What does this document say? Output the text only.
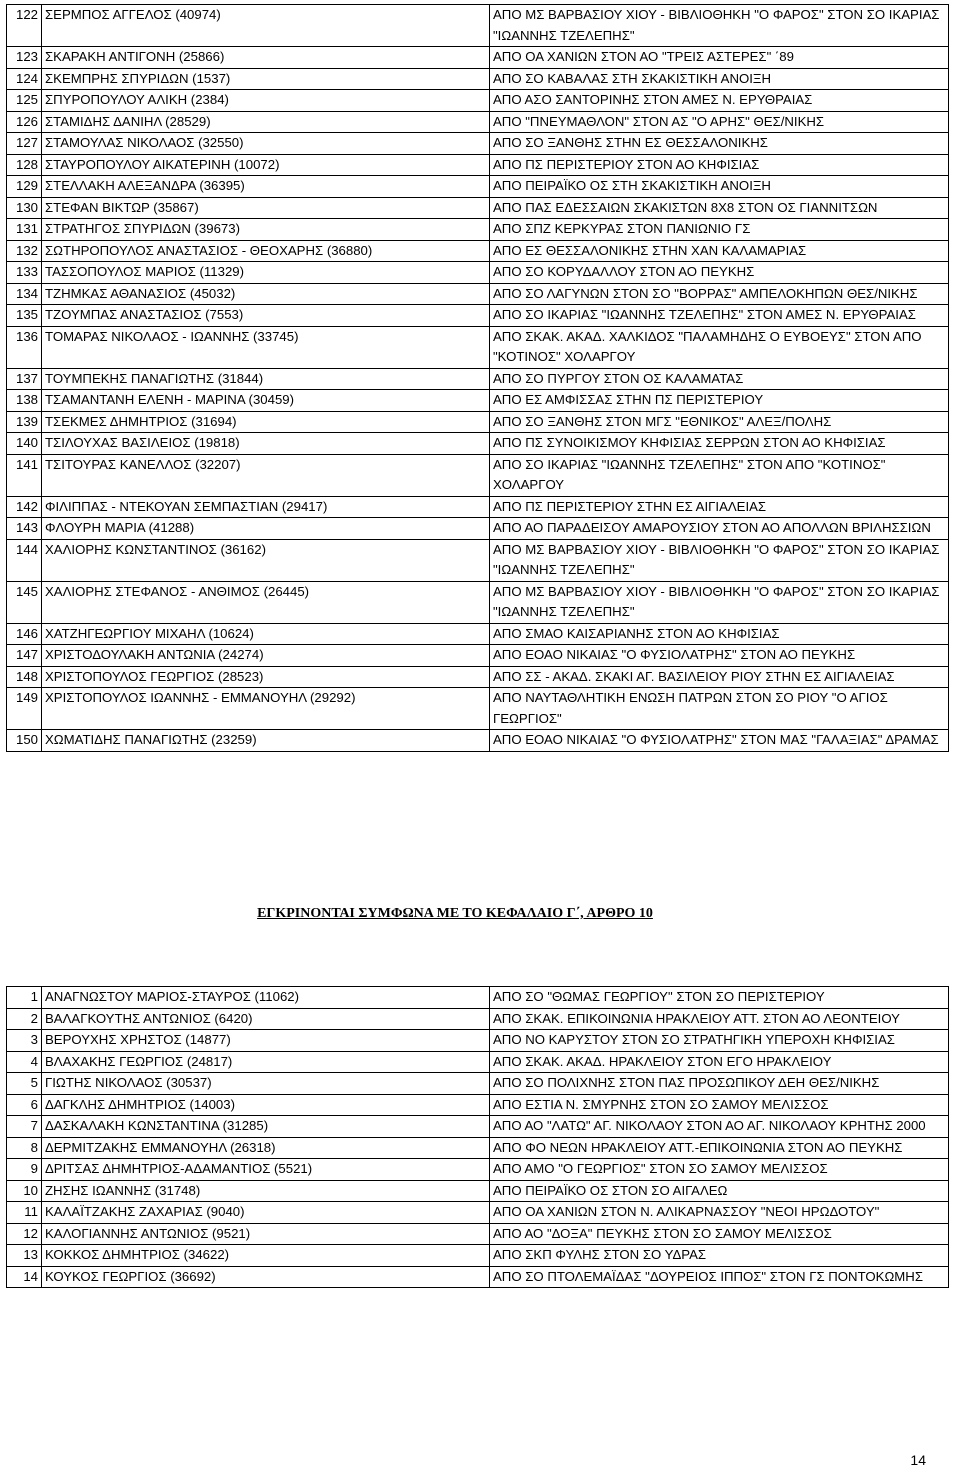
122	ΣΕΡΜΠΟΣ ΑΓΓΕΛΟΣ (40974)	ΑΠΟ ΜΣ ΒΑΡΒΑΣΙΟΥ ΧΙΟΥ - ΒΙΒΛΙΟΘΗΚΗ "Ο ΦΑΡΟΣ" ΣΤΟΝ ΣΟ ΙΚΑΡΙΑΣ "ΙΩΑΝΝΗΣ ΤΖΕΛΕΠΗΣ"
123	ΣΚΑΡΑΚΗ ΑΝΤΙΓΟΝΗ (25866)	ΑΠΟ ΟΑ ΧΑΝΙΩΝ ΣΤΟΝ ΑΟ "ΤΡΕΙΣ ΑΣΤΕΡΕΣ" ΄89
124	ΣΚΕΜΠΡΗΣ ΣΠΥΡΙΔΩΝ (1537)	ΑΠΟ ΣΟ ΚΑΒΑΛΑΣ ΣΤΗ ΣΚΑΚΙΣΤΙΚΗ ΑΝΟΙΞΗ
125	ΣΠΥΡΟΠΟΥΛΟΥ ΑΛΙΚΗ (2384)	ΑΠΟ ΑΣΟ ΣΑΝΤΟΡΙΝΗΣ ΣΤΟΝ ΑΜΕΣ Ν. ΕΡΥΘΡΑΙΑΣ
126	ΣΤΑΜΙΔΗΣ ΔΑΝΙΗΛ (28529)	ΑΠΟ "ΠΝΕΥΜΑΘΛΟΝ" ΣΤΟΝ ΑΣ "Ο ΑΡΗΣ" ΘΕΣ/ΝΙΚΗΣ
127	ΣΤΑΜΟΥΛΑΣ ΝΙΚΟΛΑΟΣ (32550)	ΑΠΟ ΣΟ ΞΑΝΘΗΣ ΣΤΗΝ ΕΣ ΘΕΣΣΑΛΟΝΙΚΗΣ
128	ΣΤΑΥΡΟΠΟΥΛΟΥ ΑΙΚΑΤΕΡΙΝΗ (10072)	ΑΠΟ ΠΣ ΠΕΡΙΣΤΕΡΙΟΥ ΣΤΟΝ ΑΟ ΚΗΦΙΣΙΑΣ
129	ΣΤΕΛΛΑΚΗ ΑΛΕΞΑΝΔΡΑ (36395)	ΑΠΟ ΠΕΙΡΑΪΚΟ ΟΣ ΣΤΗ ΣΚΑΚΙΣΤΙΚΗ ΑΝΟΙΞΗ
130	ΣΤΕΦΑΝ ΒΙΚΤΩΡ (35867)	ΑΠΟ ΠΑΣ ΕΔΕΣΣΑΙΩΝ ΣΚΑΚΙΣΤΩΝ 8Χ8 ΣΤΟΝ ΟΣ ΓΙΑΝΝΙΤΣΩΝ
131	ΣΤΡΑΤΗΓΟΣ ΣΠΥΡΙΔΩΝ (39673)	ΑΠΟ ΣΠΖ ΚΕΡΚΥΡΑΣ ΣΤΟΝ ΠΑΝΙΩΝΙΟ ΓΣ
132	ΣΩΤΗΡΟΠΟΥΛΟΣ ΑΝΑΣΤΑΣΙΟΣ - ΘΕΟΧΑΡΗΣ (36880)	ΑΠΟ ΕΣ ΘΕΣΣΑΛΟΝΙΚΗΣ ΣΤΗΝ ΧΑΝ ΚΑΛΑΜΑΡΙΑΣ
133	ΤΑΣΣΟΠΟΥΛΟΣ ΜΑΡΙΟΣ (11329)	ΑΠΟ ΣΟ ΚΟΡΥΔΑΛΛΟΥ ΣΤΟΝ ΑΟ ΠΕΥΚΗΣ
134	ΤΖΗΜΚΑΣ ΑΘΑΝΑΣΙΟΣ (45032)	ΑΠΟ ΣΟ ΛΑΓΥΝΩΝ ΣΤΟΝ ΣΟ "ΒΟΡΡΑΣ" ΑΜΠΕΛΟΚΗΠΩΝ ΘΕΣ/ΝΙΚΗΣ
135	ΤΖΟΥΜΠΑΣ ΑΝΑΣΤΑΣΙΟΣ (7553)	ΑΠΟ ΣΟ ΙΚΑΡΙΑΣ "ΙΩΑΝΝΗΣ ΤΖΕΛΕΠΗΣ" ΣΤΟΝ ΑΜΕΣ Ν. ΕΡΥΘΡΑΙΑΣ
136	ΤΟΜΑΡΑΣ ΝΙΚΟΛΑΟΣ - ΙΩΑΝΝΗΣ (33745)	ΑΠΟ ΣΚΑΚ. ΑΚΑΔ. ΧΑΛΚΙΔΟΣ "ΠΑΛΑΜΗΔΗΣ Ο ΕΥΒΟΕΥΣ" ΣΤΟΝ ΑΠΟ "ΚΟΤΙΝΟΣ" ΧΟΛΑΡΓΟΥ
137	ΤΟΥΜΠΕΚΗΣ ΠΑΝΑΓΙΩΤΗΣ (31844)	ΑΠΟ ΣΟ ΠΥΡΓΟΥ ΣΤΟΝ ΟΣ ΚΑΛΑΜΑΤΑΣ
138	ΤΣΑΜΑΝΤΑΝΗ ΕΛΕΝΗ - ΜΑΡΙΝΑ (30459)	ΑΠΟ ΕΣ ΑΜΦΙΣΣΑΣ ΣΤΗΝ ΠΣ ΠΕΡΙΣΤΕΡΙΟΥ
139	ΤΣΕΚΜΕΣ ΔΗΜΗΤΡΙΟΣ (31694)	ΑΠΟ ΣΟ ΞΑΝΘΗΣ ΣΤΟΝ ΜΓΣ "ΕΘΝΙΚΟΣ" ΑΛΕΞ/ΠΟΛΗΣ
140	ΤΣΙΛΟΥΧΑΣ ΒΑΣΙΛΕΙΟΣ (19818)	ΑΠΟ ΠΣ ΣΥΝΟΙΚΙΣΜΟΥ ΚΗΦΙΣΙΑΣ ΣΕΡΡΩΝ ΣΤΟΝ ΑΟ ΚΗΦΙΣΙΑΣ
141	ΤΣΙΤΟΥΡΑΣ ΚΑΝΕΛΛΟΣ (32207)	ΑΠΟ ΣΟ ΙΚΑΡΙΑΣ "ΙΩΑΝΝΗΣ ΤΖΕΛΕΠΗΣ" ΣΤΟΝ ΑΠΟ "ΚΟΤΙΝΟΣ" ΧΟΛΑΡΓΟΥ
142	ΦΙΛΙΠΠΑΣ - ΝΤΕΚΟΥΑΝ ΣΕΜΠΑΣΤΙΑΝ (29417)	ΑΠΟ ΠΣ ΠΕΡΙΣΤΕΡΙΟΥ ΣΤΗΝ ΕΣ ΑΙΓΙΑΛΕΙΑΣ
143	ΦΛΟΥΡΗ ΜΑΡΙΑ (41288)	ΑΠΟ ΑΟ ΠΑΡΑΔΕΙΣΟΥ ΑΜΑΡΟΥΣΙΟΥ ΣΤΟΝ ΑΟ ΑΠΟΛΛΩΝ ΒΡΙΛΗΣΣΙΩΝ
144	ΧΑΛΙΟΡΗΣ ΚΩΝΣΤΑΝΤΙΝΟΣ (36162)	ΑΠΟ ΜΣ ΒΑΡΒΑΣΙΟΥ ΧΙΟΥ - ΒΙΒΛΙΟΘΗΚΗ "Ο ΦΑΡΟΣ" ΣΤΟΝ ΣΟ ΙΚΑΡΙΑΣ "ΙΩΑΝΝΗΣ ΤΖΕΛΕΠΗΣ"
145	ΧΑΛΙΟΡΗΣ ΣΤΕΦΑΝΟΣ - ΑΝΘΙΜΟΣ (26445)	ΑΠΟ ΜΣ ΒΑΡΒΑΣΙΟΥ ΧΙΟΥ - ΒΙΒΛΙΟΘΗΚΗ "Ο ΦΑΡΟΣ" ΣΤΟΝ ΣΟ ΙΚΑΡΙΑΣ "ΙΩΑΝΝΗΣ ΤΖΕΛΕΠΗΣ"
146	ΧΑΤΖΗΓΕΩΡΓΙΟΥ ΜΙΧΑΗΛ (10624)	ΑΠΟ ΣΜΑΟ ΚΑΙΣΑΡΙΑΝΗΣ ΣΤΟΝ ΑΟ ΚΗΦΙΣΙΑΣ
147	ΧΡΙΣΤΟΔΟΥΛΑΚΗ ΑΝΤΩΝΙΑ (24274)	ΑΠΟ ΕΟΑΟ ΝΙΚΑΙΑΣ "Ο ΦΥΣΙΟΛΑΤΡΗΣ" ΣΤΟΝ ΑΟ ΠΕΥΚΗΣ
148	ΧΡΙΣΤΟΠΟΥΛΟΣ ΓΕΩΡΓΙΟΣ (28523)	ΑΠΟ ΣΣ - ΑΚΑΔ. ΣΚΑΚΙ ΑΓ. ΒΑΣΙΛΕΙΟΥ ΡΙΟΥ ΣΤΗΝ ΕΣ ΑΙΓΙΑΛΕΙΑΣ
149	ΧΡΙΣΤΟΠΟΥΛΟΣ ΙΩΑΝΝΗΣ - ΕΜΜΑΝΟΥΗΛ (29292)	ΑΠΟ ΝΑΥΤΑΘΛΗΤΙΚΗ ΕΝΩΣΗ ΠΑΤΡΩΝ ΣΤΟΝ ΣΟ ΡΙΟΥ "Ο ΑΓΙΟΣ ΓΕΩΡΓΙΟΣ"
150	ΧΩΜΑΤΙΔΗΣ ΠΑΝΑΓΙΩΤΗΣ (23259)	ΑΠΟ ΕΟΑΟ ΝΙΚΑΙΑΣ "Ο ΦΥΣΙΟΛΑΤΡΗΣ" ΣΤΟΝ ΜΑΣ "ΓΑΛΑΞΙΑΣ" ΔΡΑΜΑΣ
ΕΓΚΡΙΝΟΝΤΑΙ ΣΥΜΦΩΝΑ ΜΕ ΤΟ ΚΕΦΑΛΑΙΟ Γ΄, ΑΡΘΡΟ 10
1	ΑΝΑΓΝΩΣΤΟΥ ΜΑΡΙΟΣ-ΣΤΑΥΡΟΣ (11062)	ΑΠΟ ΣΟ "ΘΩΜΑΣ ΓΕΩΡΓΙΟΥ" ΣΤΟΝ ΣΟ ΠΕΡΙΣΤΕΡΙΟΥ
2	ΒΑΛΑΓΚΟΥΤΗΣ ΑΝΤΩΝΙΟΣ (6420)	ΑΠΟ ΣΚΑΚ. ΕΠΙΚΟΙΝΩΝΙΑ ΗΡΑΚΛΕΙΟΥ ΑΤΤ. ΣΤΟΝ ΑΟ ΛΕΟΝΤΕΙΟΥ
3	ΒΕΡΟΥΧΗΣ ΧΡΗΣΤΟΣ (14877)	ΑΠΟ ΝΟ ΚΑΡΥΣΤΟΥ ΣΤΟΝ ΣΟ ΣΤΡΑΤΗΓΙΚΗ ΥΠΕΡΟΧΗ ΚΗΦΙΣΙΑΣ
4	ΒΛΑΧΑΚΗΣ ΓΕΩΡΓΙΟΣ (24817)	ΑΠΟ ΣΚΑΚ. ΑΚΑΔ. ΗΡΑΚΛΕΙΟΥ ΣΤΟΝ ΕΓΟ ΗΡΑΚΛΕΙΟΥ
5	ΓΙΩΤΗΣ ΝΙΚΟΛΑΟΣ (30537)	ΑΠΟ ΣΟ ΠΟΛΙΧΝΗΣ ΣΤΟΝ ΠΑΣ ΠΡΟΣΩΠΙΚΟΥ ΔΕΗ ΘΕΣ/ΝΙΚΗΣ
6	ΔΑΓΚΛΗΣ ΔΗΜΗΤΡΙΟΣ (14003)	ΑΠΟ ΕΣΤΙΑ Ν. ΣΜΥΡΝΗΣ ΣΤΟΝ ΣΟ ΣΑΜΟΥ ΜΕΛΙΣΣΟΣ
7	ΔΑΣΚΑΛΑΚΗ ΚΩΝΣΤΑΝΤΙΝΑ (31285)	ΑΠΟ ΑΟ "ΛΑΤΩ" ΑΓ. ΝΙΚΟΛΑΟΥ ΣΤΟΝ ΑΟ ΑΓ. ΝΙΚΟΛΑΟΥ ΚΡΗΤΗΣ 2000
8	ΔΕΡΜΙΤΖΑΚΗΣ ΕΜΜΑΝΟΥΗΛ (26318)	ΑΠΟ ΦΟ ΝΕΩΝ ΗΡΑΚΛΕΙΟΥ ΑΤΤ.-ΕΠΙΚΟΙΝΩΝΙΑ ΣΤΟΝ ΑΟ ΠΕΥΚΗΣ
9	ΔΡΙΤΣΑΣ ΔΗΜΗΤΡΙΟΣ-ΑΔΑΜΑΝΤΙΟΣ (5521)	ΑΠΟ ΑΜΟ "Ο ΓΕΩΡΓΙΟΣ" ΣΤΟΝ ΣΟ ΣΑΜΟΥ ΜΕΛΙΣΣΟΣ
10	ΖΗΣΗΣ ΙΩΑΝΝΗΣ (31748)	ΑΠΟ ΠΕΙΡΑΪΚΟ ΟΣ ΣΤΟΝ ΣΟ ΑΙΓΑΛΕΩ
11	ΚΑΛΑΪΤΖΑΚΗΣ ΖΑΧΑΡΙΑΣ (9040)	ΑΠΟ ΟΑ ΧΑΝΙΩΝ ΣΤΟΝ Ν. ΑΛΙΚΑΡΝΑΣΣΟΥ "ΝΕΟΙ ΗΡΩΔΟΤΟΥ"
12	ΚΑΛΟΓΙΑΝΝΗΣ ΑΝΤΩΝΙΟΣ (9521)	ΑΠΟ ΑΟ "ΔΟΞΑ" ΠΕΥΚΗΣ ΣΤΟΝ ΣΟ ΣΑΜΟΥ ΜΕΛΙΣΣΟΣ
13	ΚΟΚΚΟΣ ΔΗΜΗΤΡΙΟΣ (34622)	ΑΠΟ ΣΚΠ ΦΥΛΗΣ ΣΤΟΝ ΣΟ ΥΔΡΑΣ
14	ΚΟΥΚΟΣ ΓΕΩΡΓΙΟΣ (36692)	ΑΠΟ ΣΟ ΠΤΟΛΕΜΑΪΔΑΣ "ΔΟΥΡΕΙΟΣ ΙΠΠΟΣ" ΣΤΟΝ ΓΣ ΠΟΝΤΟΚΩΜΗΣ
14
